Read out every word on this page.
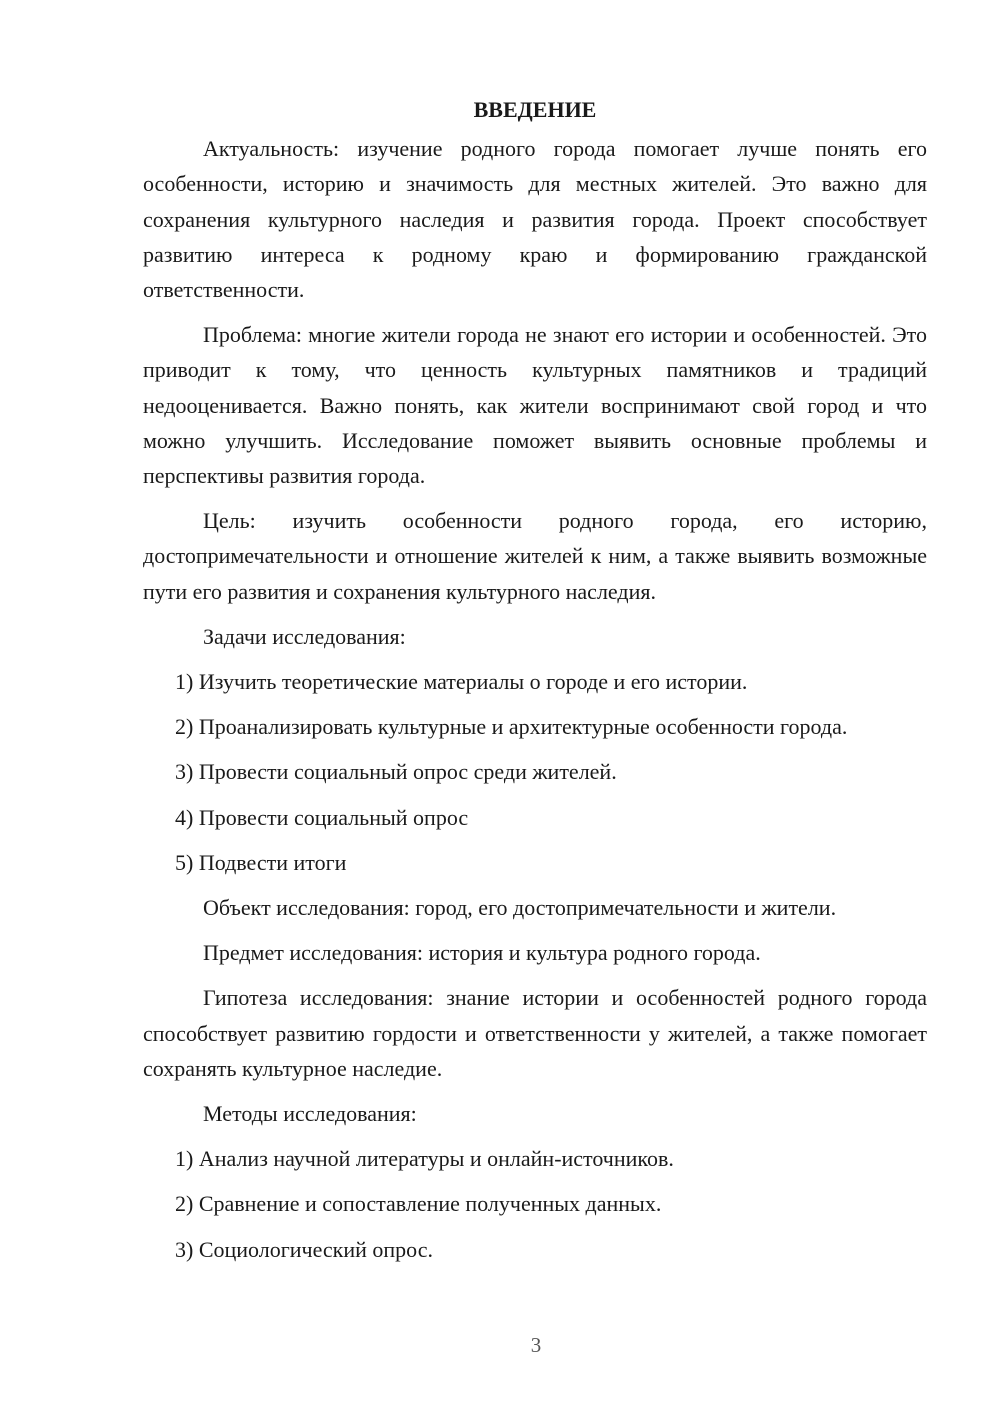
ВВЕДЕНИЕ

Актуальность: изучение родного города помогает лучше понять его особенности, историю и значимость для местных жителей. Это важно для сохранения культурного наследия и развития города. Проект способствует развитию интереса к родному краю и формированию гражданской ответственности.

Проблема: многие жители города не знают его истории и особенностей. Это приводит к тому, что ценность культурных памятников и традиций недооценивается. Важно понять, как жители воспринимают свой город и что можно улучшить. Исследование поможет выявить основные проблемы и перспективы развития города.

Цель: изучить особенности родного города, его историю, достопримечательности и отношение жителей к ним, а также выявить возможные пути его развития и сохранения культурного наследия.

Задачи исследования:

1) Изучить теоретические материалы о городе и его истории.

2) Проанализировать культурные и архитектурные особенности города.

3) Провести социальный опрос среди жителей.

4) Провести социальный опрос

5) Подвести итоги

Объект исследования: город, его достопримечательности и жители.

Предмет исследования: история и культура родного города.

Гипотеза исследования: знание истории и особенностей родного города способствует развитию гордости и ответственности у жителей, а также помогает сохранять культурное наследие.

Методы исследования:

1) Анализ научной литературы и онлайн-источников.

2) Сравнение и сопоставление полученных данных.

3) Социологический опрос.

3
